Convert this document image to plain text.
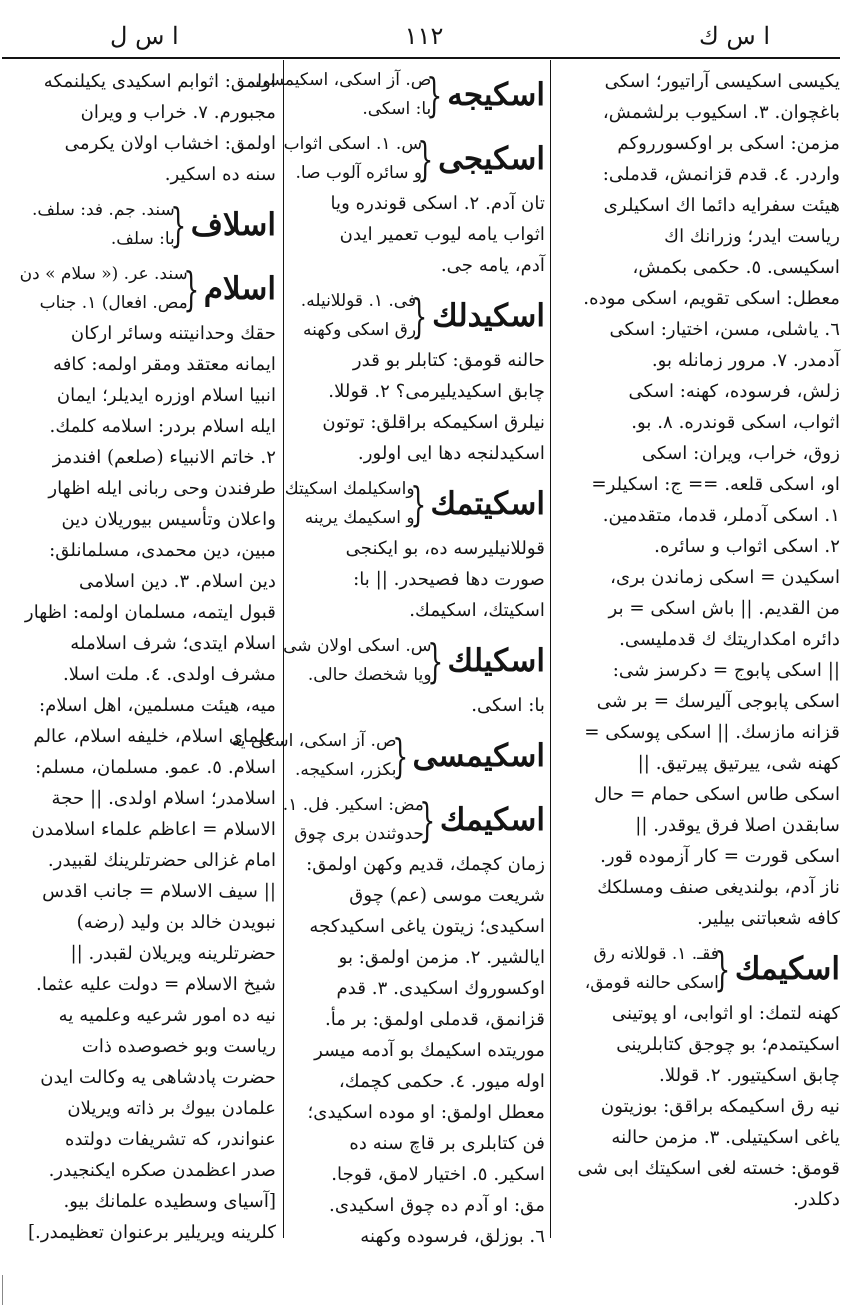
ا س ك
١١٢
ا س ل
یکیسی اسکیسی آراتیور؛ اسکی
باغچوان. ۳. اسکیوب برلشمش،
مزمن: اسکی بر اوکسورروکم
واردر. ٤. قدم قزانمش، قدملی:
هیئت سفرایه دائما اك اسکیلری
ریاست ایدر؛ وزرانك اك
اسکیسی. ٥. حکمی بکمش،
معطل: اسکی تقویم، اسکی موده.
٦. یاشلی، مسن، اختیار: اسکی
آدمدر. ۷. مرور زمانله بو.
زلش، فرسوده، کهنه: اسکی
اثواب، اسکی قوندره. ۸. بو.
زوق، خراب، ویران: اسکی
او، اسکی قلعه. == ج: اسکیلر=
۱. اسکی آدملر، قدما، متقدمین.
۲. اسکی اثواب و سائره.
اسکیدن = اسکی زماندن بری،
من القدیم. || باش اسکی = بر
دائره امکداریتك ك قدملیسی.
|| اسکی پابوج = دکرسز شی:
اسکی پابوجی آلیرسك = بر شی
قزانه مازسك. || اسکی پوسکی =
کهنه شی، ییرتیق پیرتیق. ||
اسکی طاس اسکی حمام = حال
سابقدن اصلا فرق یوقدر. ||
اسکی قورت = کار آزموده قور.
ناز آدم، بولندیغی صنف ومسلکك
کافه شعباتنی بیلیر.
اسکیمك
{
فقـ. ۱. قوللانه رق
اسکی حالنه قومق،
کهنه لتمك: او اثوابی، او پوتینی
اسکیتمدم؛ بو چوجق کتابلرینی
چابق اسکیتیور. ۲. قوللا.
نیه رق اسکیمکه براقق: بوزیتون
یاغی اسکیتیلی. ۳. مزمن حالنه
قومق: خسته لغی اسکیتك ابی شی
دکلدر.
اسکیجه
{
ص. آز اسکی، اسکیمسی.
با: اسکی.
اسکیجی
{
س. ۱. اسکی اثواب
و سائره آلوب صا.
تان آدم. ۲. اسکی قوندره ویا
اثواب یامه لیوب تعمیر ایدن
آدم، یامه جی.
اسکیدلك
{
فی. ۱. قوللانیله.
رق اسکی وکهنه
حالنه قومق: کتابلر بو قدر
چابق اسکیدیلیرمی؟ ۲. قوللا.
نیلرق اسکیمکه براقلق: توتون
اسکیدلنجه دها ایی اولور.
اسکیتمك
{
واسکیلمك اسکیتك
و اسکیمك یرینه
قوللانیلیرسه ده، بو ایکنجی
صورت دها فصیحدر. || با:
اسکیتك، اسکیمك.
اسکیلك
{
س. اسکی اولان شی
ویا شخصك حالی.
با: اسکی.
اسکیمسی
{
ص. آز اسکی، اسکی یه
بکزر، اسکیجه.
اسکیمك
{
مض: اسکیر. فل. ۱.
حدوثندن بری چوق
زمان کچمك، قدیم وکهن اولمق:
شریعت موسی (عم) چوق
اسکیدی؛ زیتون یاغی اسکیدکجه
ایالشیر. ۲. مزمن اولمق: بو
اوکسوروك اسکیدی. ۳. قدم
قزانمق، قدملی اولمق: بر مأ.
موریتده اسکیمك بو آدمه میسر
اوله میور. ٤. حکمی کچمك،
معطل اولمق: او موده اسکیدی؛
فن کتابلری بر قاچ سنه ده
اسکیر. ٥. اختیار لامق، قوجا.
مق: او آدم ده چوق اسکیدی.
٦. بوزلق، فرسوده وکهنه
اولمق: اثوابم اسکیدی یکیلنمکه
مجبورم. ۷. خراب و ویران
اولمق: اخشاب اولان یکرمی
سنه ده اسکیر.
اسلاف
{
سند. جم. فد: سلف.
با: سلف.
اسلام
{
سند. عر. (« سلام » دن
مص. افعال) ۱. جناب
حقك وحدانیتنه وسائر ارکان
ایمانه معتقد ومقر اولمه: کافه
انبیا اسلام اوزره ایدیلر؛ ایمان
ایله اسلام بردر: اسلامه کلمك.
۲. خاتم الانبیاء (صلعم) افندمز
طرفندن وحی ربانی ایله اظهار
واعلان وتأسیس بیوریلان دین
مبین، دین محمدی، مسلمانلق:
دین اسلام. ۳. دین اسلامی
قبول ایتمه، مسلمان اولمه: اظهار
اسلام ایتدی؛ شرف اسلامله
مشرف اولدی. ٤. ملت اسلا.
میه، هیئت مسلمین، اهل اسلام:
علمای اسلام، خلیفه اسلام، عالم
اسلام. ٥. عمو. مسلمان، مسلم:
اسلامدر؛ اسلام اولدی. || حجة
الاسلام = اعاظم علماء اسلامدن
امام غزالی حضرتلرینك لقبیدر.
|| سیف الاسلام = جانب اقدس
نبویدن خالد بن ولید (رضه)
حضرتلرینه ویریلان لقبدر. ||
شیخ الاسلام = دولت علیه عثما.
نیه ده امور شرعیه وعلمیه یه
ریاست وبو خصوصده ذات
حضرت پادشاهی یه وکالت ایدن
علمادن بیوك بر ذاته ویریلان
عنواندر، که تشریفات دولتده
صدر اعظمدن صکره ایکنجیدر.
[آسیای وسطیده علمانك بیو.
کلرینه ویریلیر برعنوان تعظیمدر.]
